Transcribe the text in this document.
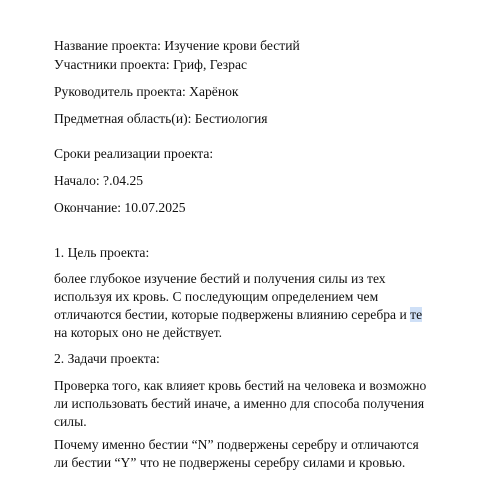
Название проекта: Изучение крови бестий
Участники проекта: Гриф, Гезрас
Руководитель проекта: Харёнок
Предметная область(и): Бестиология
Сроки реализации проекта:
Начало: ?.04.25
Окончание: 10.07.2025
1. Цель проекта:
более глубокое изучение бестий и получения силы из тех
используя их кровь. С последующим определением чем
отличаются бестии, которые подвержены влиянию серебра и те
на которых оно не действует.
2. Задачи проекта:
Проверка того, как влияет кровь бестий на человека и возможно
ли использовать бестий иначе, а именно для способа получения
силы.
Почему именно бестии “N” подвержены серебру и отличаются
ли бестии “Y” что не подвержены серебру силами и кровью.
